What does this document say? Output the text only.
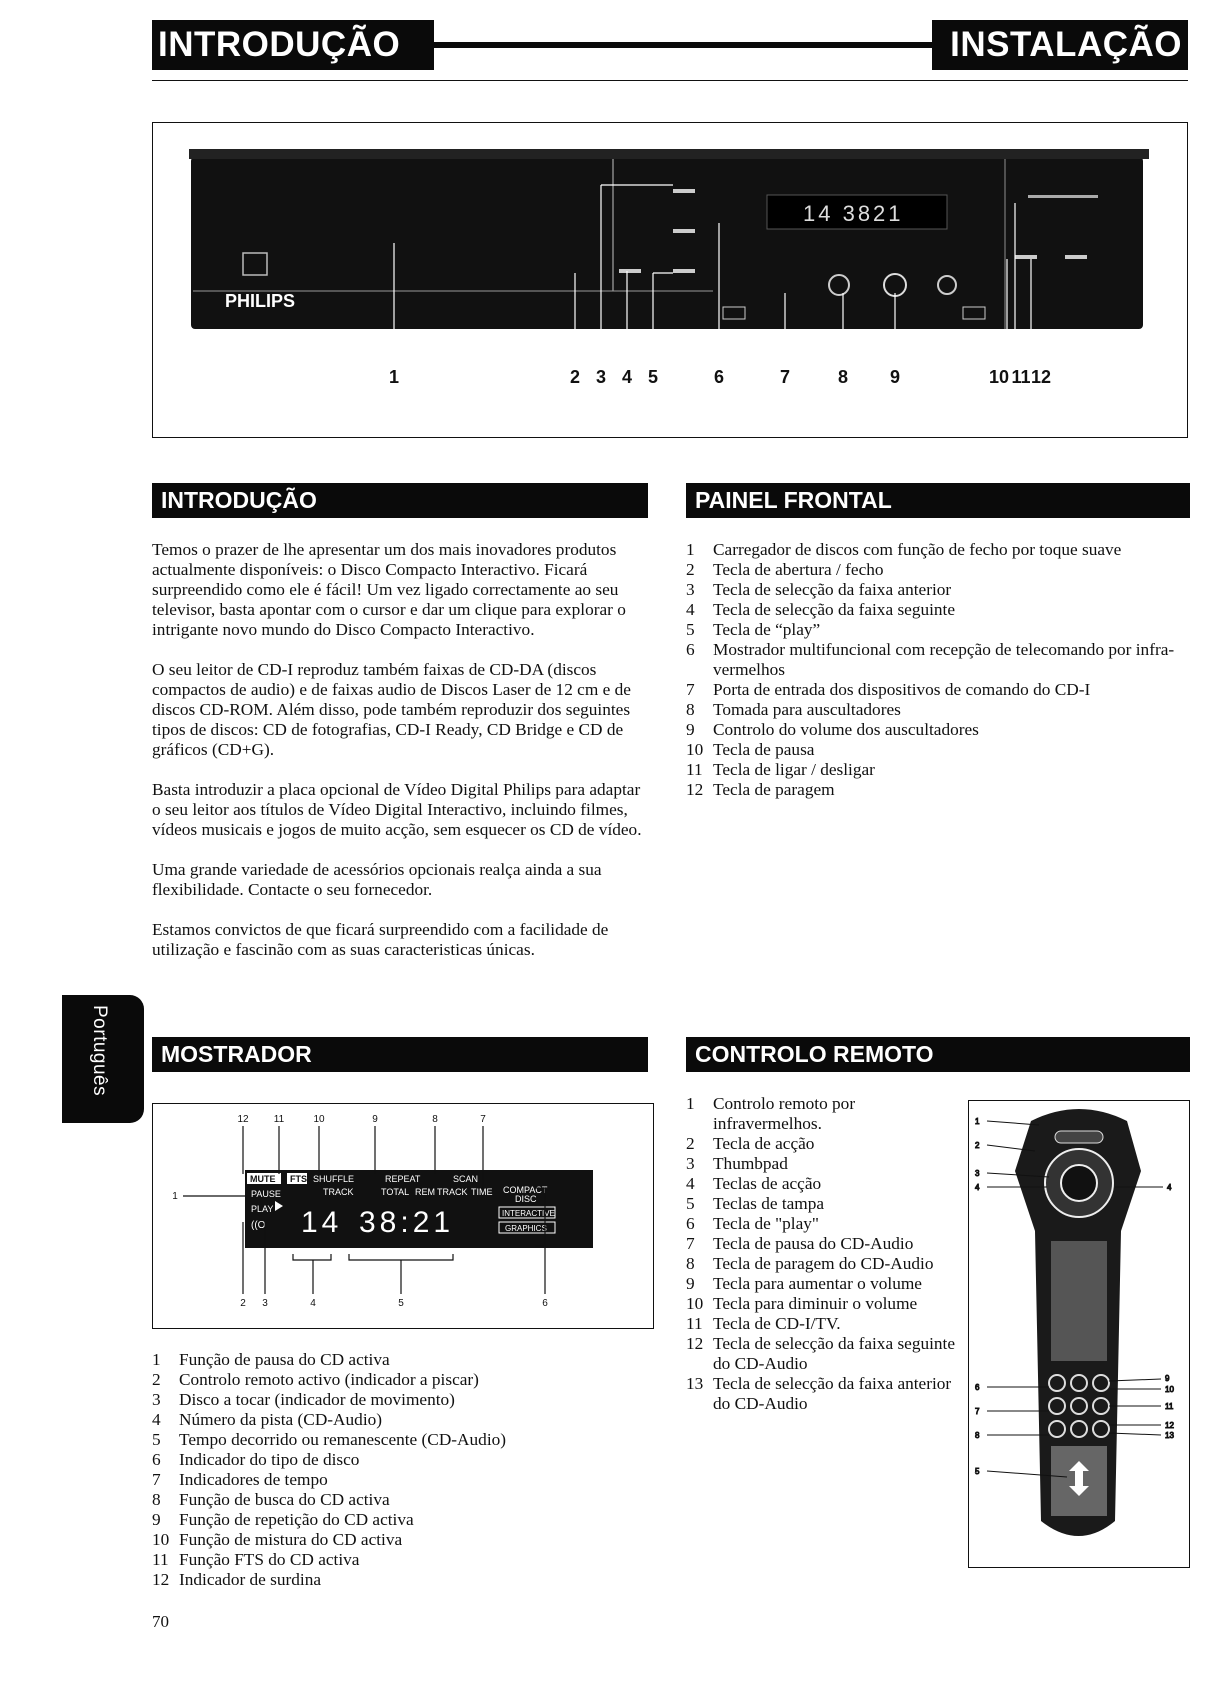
INTRODUÇÃO	INSTALAÇÃO
PHILIPS
14 3821
1	2 3 4 5	6	7	8 9	10 11 12
INTRODUÇÃO

Temos o prazer de lhe apresentar um dos mais inovadores produtos actualmente disponíveis: o Disco Compacto Interactivo. Ficará surpreendido como ele é fácil! Um vez ligado correctamente ao seu televisor, basta apontar com o cursor e dar um clique para explorar o intrigante novo mundo do Disco Compacto Interactivo.

O seu leitor de CD-I reproduz também faixas de CD-DA (discos compactos de audio) e de faixas audio de Discos Laser de 12 cm e de discos CD-ROM. Além disso, pode também reproduzir dos seguintes tipos de discos: CD de fotografias, CD-I Ready, CD Bridge e CD de gráficos (CD+G).

Basta introduzir a placa opcional de Vídeo Digital Philips para adaptar o seu leitor aos títulos de Vídeo Digital Interactivo, incluindo filmes, vídeos musicais e jogos de muito acção, sem esquecer os CD de vídeo.

Uma grande variedade de acessórios opcionais realça ainda a sua flexibilidade. Contacte o seu fornecedor.

Estamos convictos de que ficará surpreendido com a facilidade de utilização e fascinão com as suas caracteristicas únicas.

PAINEL FRONTAL
1 Carregador de discos com função de fecho por toque suave
2 Tecla de abertura / fecho
3 Tecla de selecção da faixa anterior
4 Tecla de selecção da faixa seguinte
5 Tecla de “play”
6 Mostrador multifuncional com recepção de telecomando por infra-vermelhos
7 Porta de entrada dos dispositivos de comando do CD-I
8 Tomada para auscultadores
9 Controlo do volume dos auscultadores
10 Tecla de pausa
11 Tecla de ligar / desligar
12 Tecla de paragem
Português	MOSTRADOR
MUTE FTS SHUFFLE
TRACK
REPEAT	SCAN
TOTAL REM TRACK TIME
PAUSE
PLAY
COMPACT
DISC
INTERACTIVE
GRAPHICS
((O 14 38:21
12	11	10	9	8	7
1
2 3	4	5	6
1 Função de pausa do CD activa
2 Controlo remoto activo (indicador a piscar)
3 Disco a tocar (indicador de movimento)
4 Número da pista (CD-Audio)
5 Tempo decorrido ou remanescente (CD-Audio)
6 Indicador do tipo de disco
7 Indicadores de tempo
8 Função de busca do CD activa
9 Função de repetição do CD activa
10 Função de mistura do CD activa
11 Função FTS do CD activa
12 Indicador de surdina
CONTROLO REMOTO
1 Controlo remoto por infravermelhos.
2 Tecla de acção
3 Thumbpad
4 Teclas de acção
5 Teclas de tampa
6 Tecla de "play"
7 Tecla de pausa do CD-Audio
8 Tecla de paragem do CD-Audio
9 Tecla para aumentar o volume
10 Tecla para diminuir o volume
11 Tecla de CD-I/TV.
12 Tecla de selecção da faixa seguinte do CD-Audio
13 Tecla de selecção da faixa anterior do CD-Audio
1
2
3
4	4
6
7
8
5
9
10
11
12
13
70
